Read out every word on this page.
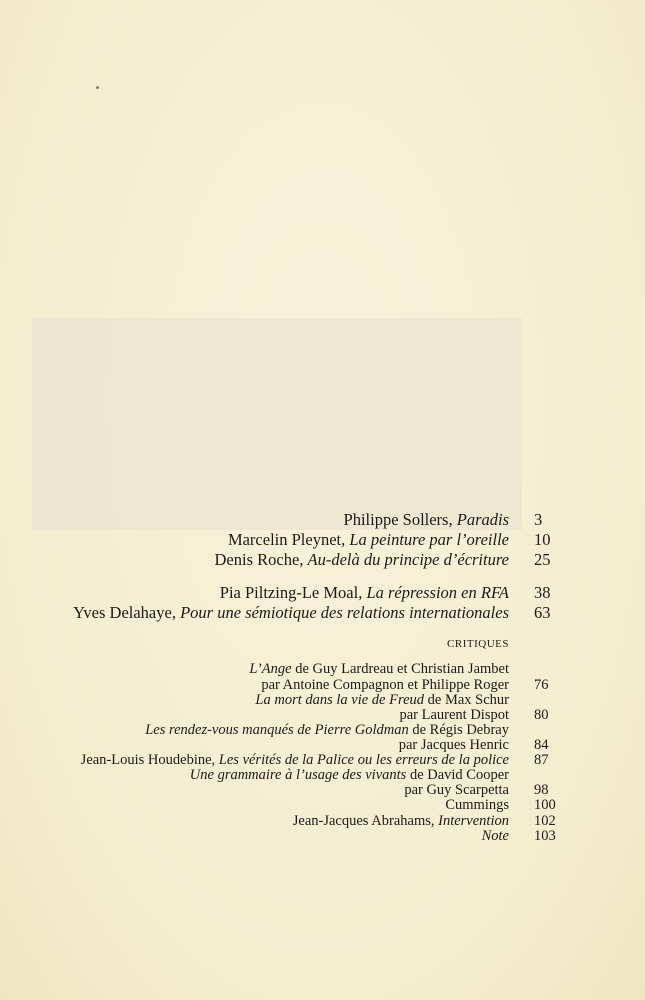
Philippe Sollers, Paradis 3
Marcelin Pleynet, La peinture par l’oreille 10
Denis Roche, Au-delà du principe d’écriture 25
Pia Piltzing-Le Moal, La répression en RFA 38
Yves Delahaye, Pour une sémiotique des relations internationales 63
CRITIQUES
L’Ange de Guy Lardreau et Christian Jambet
par Antoine Compagnon et Philippe Roger 76
La mort dans la vie de Freud de Max Schur
par Laurent Dispot 80
Les rendez-vous manqués de Pierre Goldman de Régis Debray
par Jacques Henric 84
Jean-Louis Houdebine, Les vérités de la Palice ou les erreurs de la police 87
Une grammaire à l’usage des vivants de David Cooper
par Guy Scarpetta 98
Cummings 100
Jean-Jacques Abrahams, Intervention 102
Note 103
